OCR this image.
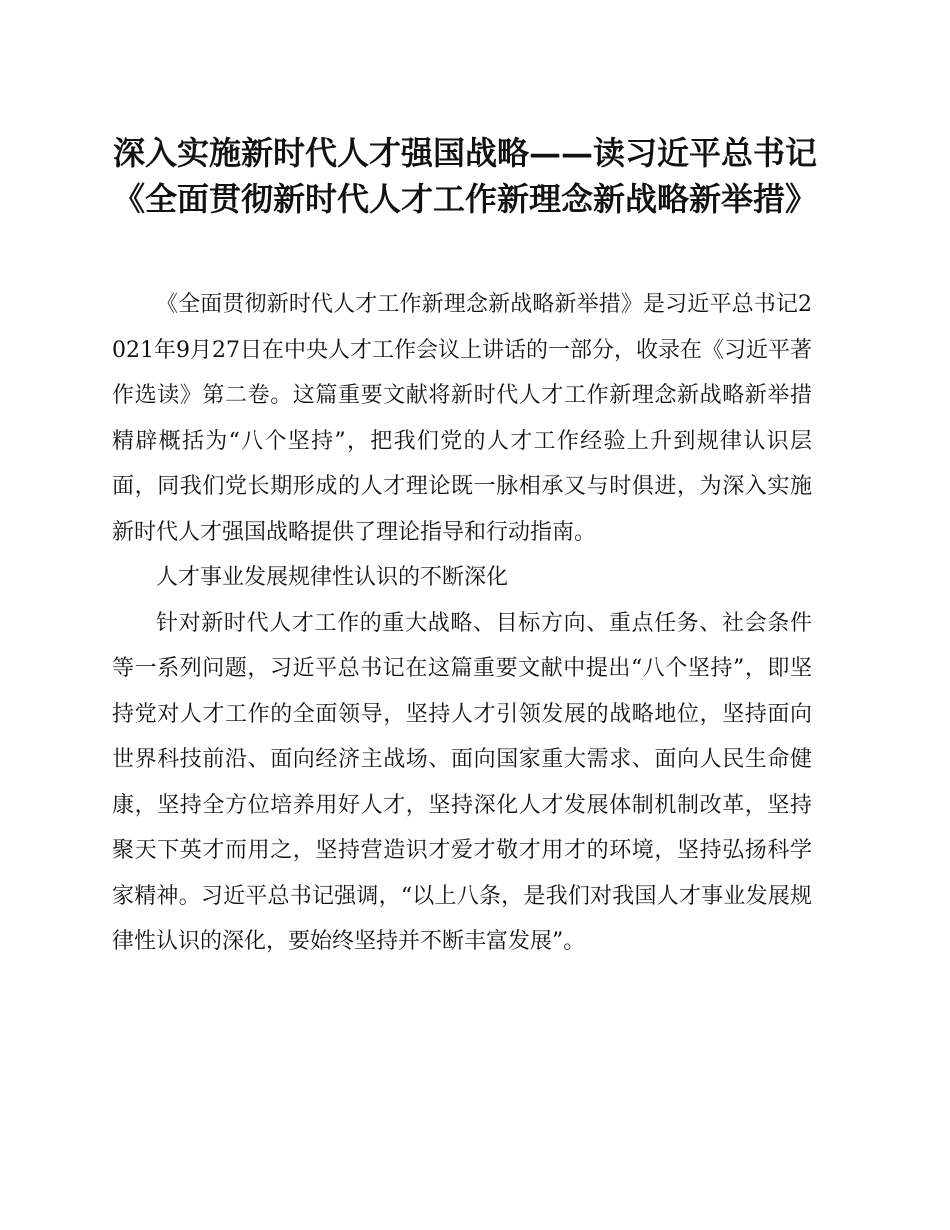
深入实施新时代人才强国战略——读习近平总书记《全面贯彻新时代人才工作新理念新战略新举措》

《全面贯彻新时代人才工作新理念新战略新举措》是习近平总书记2021年9月27日在中央人才工作会议上讲话的一部分，收录在《习近平著作选读》第二卷。这篇重要文献将新时代人才工作新理念新战略新举措精辟概括为“八个坚持”，把我们党的人才工作经验上升到规律认识层面，同我们党长期形成的人才理论既一脉相承又与时俱进，为深入实施新时代人才强国战略提供了理论指导和行动指南。

人才事业发展规律性认识的不断深化

针对新时代人才工作的重大战略、目标方向、重点任务、社会条件等一系列问题，习近平总书记在这篇重要文献中提出“八个坚持”，即坚持党对人才工作的全面领导，坚持人才引领发展的战略地位，坚持面向世界科技前沿、面向经济主战场、面向国家重大需求、面向人民生命健康，坚持全方位培养用好人才，坚持深化人才发展体制机制改革，坚持聚天下英才而用之，坚持营造识才爱才敬才用才的环境，坚持弘扬科学家精神。习近平总书记强调，“以上八条，是我们对我国人才事业发展规律性认识的深化，要始终坚持并不断丰富发展”。
